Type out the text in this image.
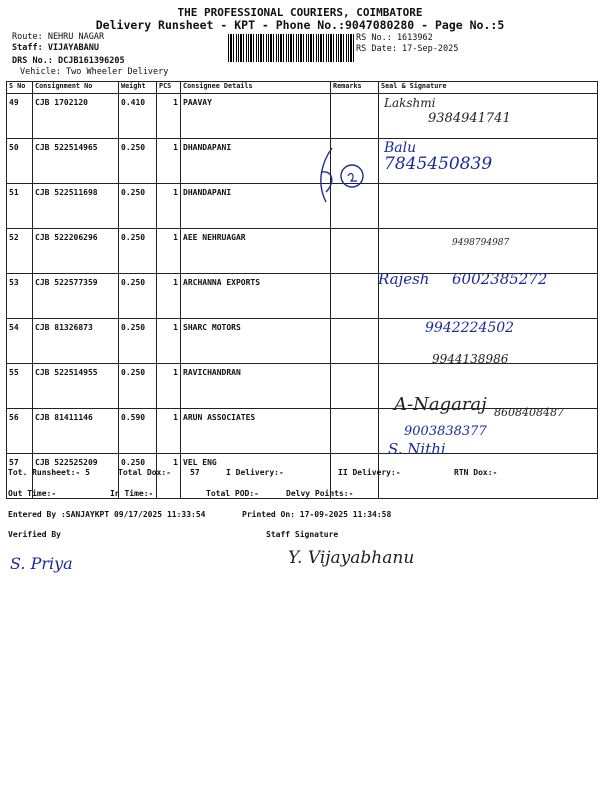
THE PROFESSIONAL COURIERS, COIMBATORE
Delivery Runsheet - KPT - Phone No.:9047080280 - Page No.:5
Route: NEHRU NAGAR
Staff: VIJAYABANU
DRS No.: DCJB161396205
Vehicle: Two Wheeler Delivery
RS No.: 1613962
RS Date: 17-Sep-2025
S No	Consignment No	Weight	PCS	Consignee Details	Remarks	Seal & Signature
49	CJB 1702120	0.410	1	PAAVAY		
50	CJB 522514965	0.250	1	DHANDAPANI		
51	CJB 522511698	0.250	1	DHANDAPANI		
52	CJB 522206296	0.250	1	AEE NEHRUAGAR		
53	CJB 522577359	0.250	1	ARCHANNA EXPORTS		
54	CJB 81326873	0.250	1	SHARC MOTORS		
55	CJB 522514955	0.250	1	RAVICHANDRAN		
56	CJB 81411146	0.590	1	ARUN ASSOCIATES		
57	CJB 522525209	0.250	1	VEL ENG		
Lakshmi
9384941741
Balu
7845450839
9498794987
Rajesh 6002385272
9942224502
9944138986
A-Nagaraj 8608408487
9003838377
S. Nithi
Tot. Runsheet:- 5	Total Dox:- 57	I Delivery:-	II Delivery:-	RTN Dox:-
Out Time:-	In Time:-	Total POD:-	Delvy Points:-
Entered By :SANJAYKPT 09/17/2025 11:33:54	Printed On: 17-09-2025 11:34:58
Verified By	Staff Signature
S. Priya	Y. Vijayabhanu
